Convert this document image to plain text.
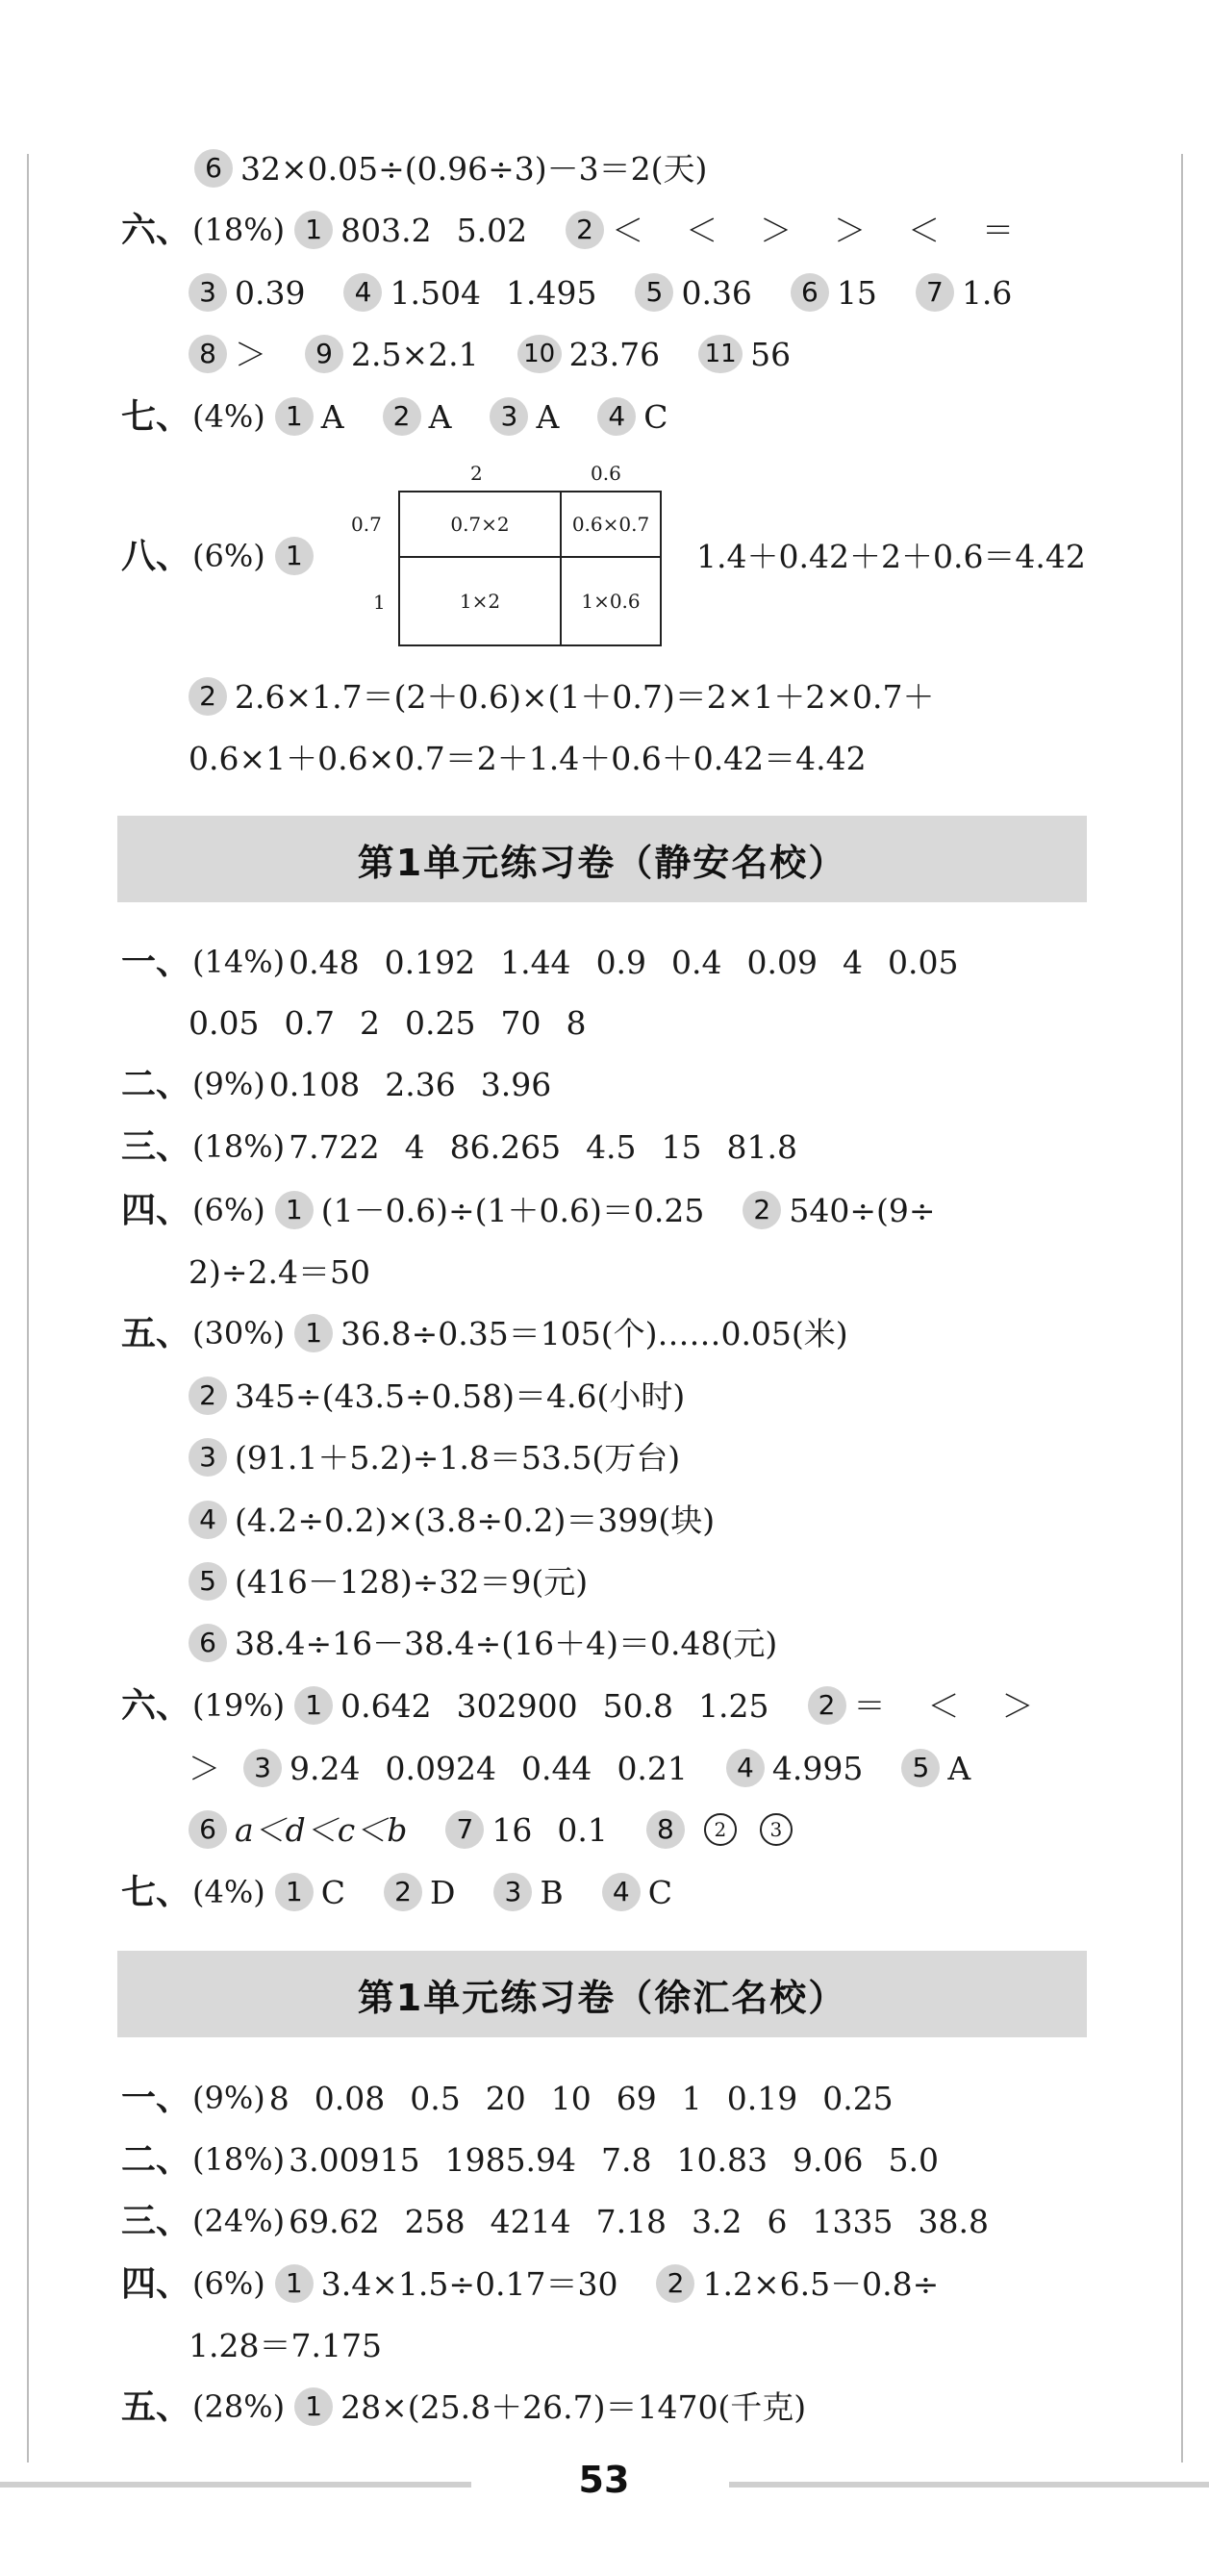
6 32×0.05÷(0.96÷3)－3＝2(天)
六、 (18%) 1 803.2 5.02	2 ＜ ＜ ＞ ＞ ＜ ＝
3 0.39	4 1.504 1.495	5 0.36	6 15	7 1.6
8 ＞	9 2.5×2.1 10 23.76 11 56
七、 (4%) 1 A	2 A	3 A	4 C
八、 (6%) 1
2	0.6
0.7
1
0.7×2	0.6×0.7
1×2	1×0.6
1.4＋0.42＋2＋0.6＝4.42
2 2.6×1.7＝(2＋0.6)×(1＋0.7)＝2×1＋2×0.7＋
0.6×1＋0.6×0.7＝2＋1.4＋0.6＋0.42＝4.42
第1单元练习卷（静安名校）
一、 (14%) 0.48 0.192 1.44 0.9 0.4 0.09 4 0.05
0.05 0.7 2 0.25 70 8
二、 (9%) 0.108 2.36 3.96
三、 (18%) 7.722 4 86.265 4.5 15 81.8
四、 (6%) 1 (1－0.6)÷(1＋0.6)＝0.25	2 540÷(9÷
2)÷2.4＝50
五、 (30%) 1 36.8÷0.35＝105(个)……0.05(米)
2 345÷(43.5÷0.58)＝4.6(小时)
3 (91.1＋5.2)÷1.8＝53.5(万台)
4 (4.2÷0.2)×(3.8÷0.2)＝399(块)
5 (416－128)÷32＝9(元)
6 38.4÷16－38.4÷(16＋4)＝0.48(元)
六、 (19%) 1 0.642 302900 50.8 1.25	2 ＝ ＜ ＞
＞	3 9.24 0.0924 0.44 0.21	4 4.995	5 A
6 a＜d＜c＜b	7 16 0.1	8	2	3
七、 (4%) 1 C	2 D	3 B	4 C
第1单元练习卷（徐汇名校）
一、 (9%) 8 0.08 0.5 20 10 69 1 0.19 0.25
二、 (18%) 3.00915 1985.94 7.8 10.83 9.06 5.0
三、 (24%) 69.62 258 4214 7.18 3.2 6 1335 38.8
四、 (6%) 1 3.4×1.5÷0.17＝30	2 1.2×6.5－0.8÷
1.28＝7.175
五、 (28%) 1 28×(25.8＋26.7)＝1470(千克)
53
